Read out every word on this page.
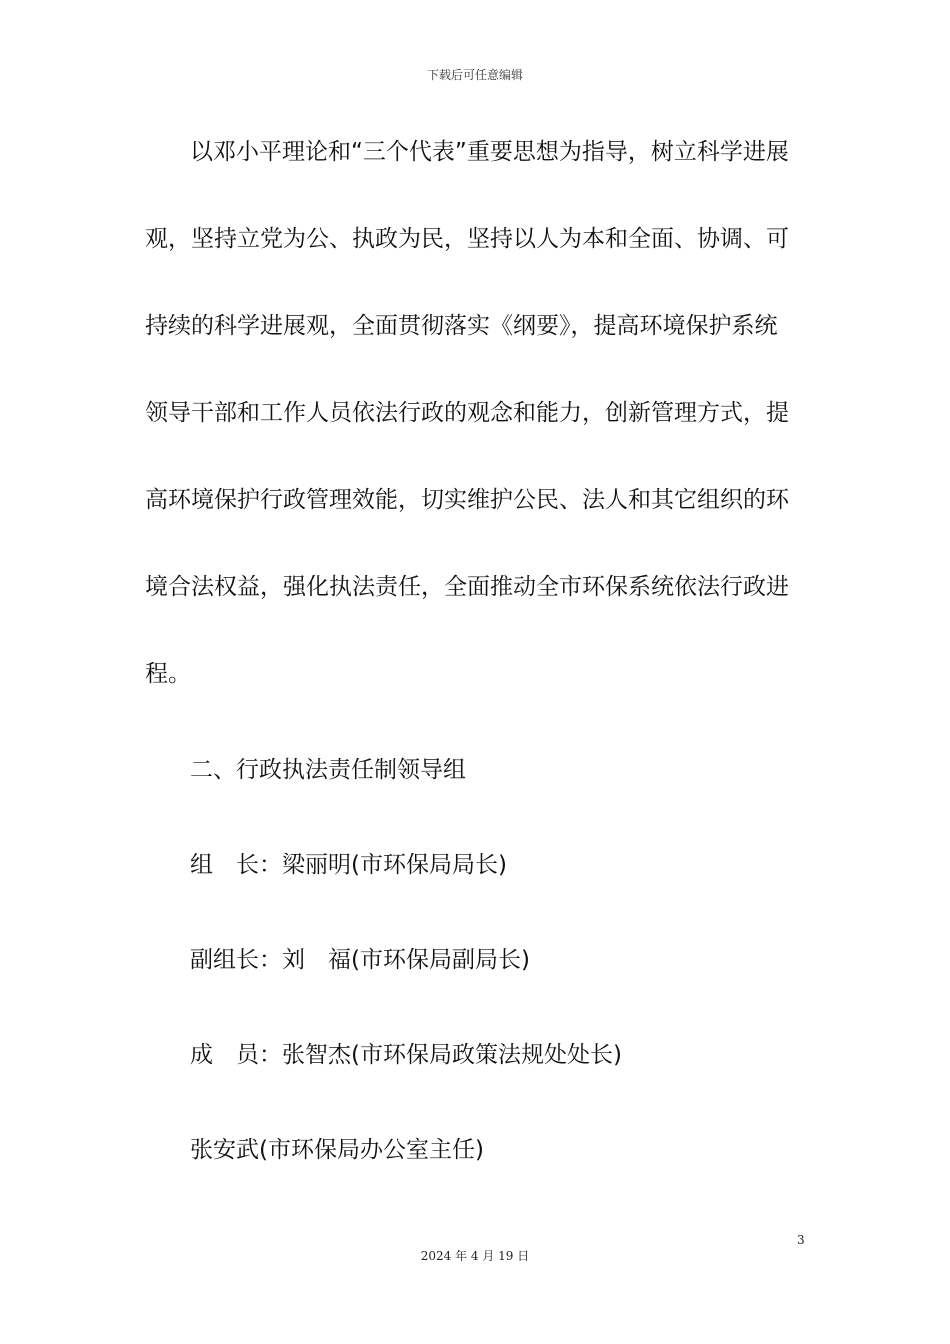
下载后可任意编辑
以邓小平理论和“三个代表”重要思想为指导，树立科学进展
观，坚持立党为公、执政为民，坚持以人为本和全面、协调、可
持续的科学进展观，全面贯彻落实《纲要》，提高环境保护系统
领导干部和工作人员依法行政的观念和能力，创新管理方式，提
高环境保护行政管理效能，切实维护公民、法人和其它组织的环
境合法权益，强化执法责任，全面推动全市环保系统依法行政进
程。
二、行政执法责任制领导组
组　长：梁丽明(市环保局局长)
副组长：刘　福(市环保局副局长)
成　员：张智杰(市环保局政策法规处处长)
张安武(市环保局办公室主任)
3
2024 年 4 月 19 日
